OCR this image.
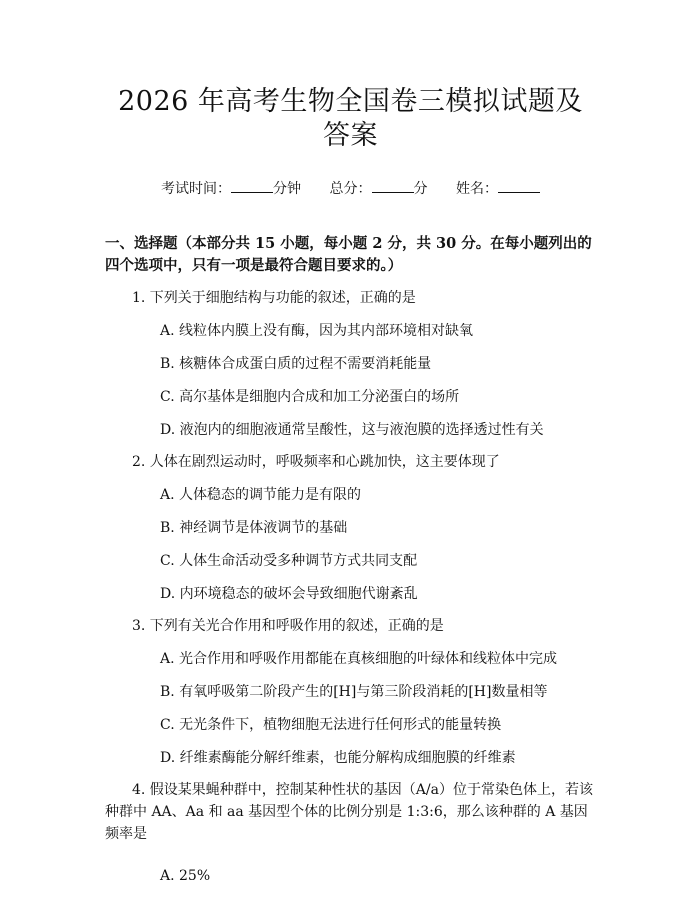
2026 年高考生物全国卷三模拟试题及答案
考试时间：	分钟 总分：	分 姓名：
一、选择题（本部分共 15 小题，每小题 2 分，共 30 分。在每小题列出的四个选项中，只有一项是最符合题目要求的。）
1. 下列关于细胞结构与功能的叙述，正确的是
A. 线粒体内膜上没有酶，因为其内部环境相对缺氧
B. 核糖体合成蛋白质的过程不需要消耗能量
C. 高尔基体是细胞内合成和加工分泌蛋白的场所
D. 液泡内的细胞液通常呈酸性，这与液泡膜的选择透过性有关
2. 人体在剧烈运动时，呼吸频率和心跳加快，这主要体现了
A. 人体稳态的调节能力是有限的
B. 神经调节是体液调节的基础
C. 人体生命活动受多种调节方式共同支配
D. 内环境稳态的破坏会导致细胞代谢紊乱
3. 下列有关光合作用和呼吸作用的叙述，正确的是
A. 光合作用和呼吸作用都能在真核细胞的叶绿体和线粒体中完成
B. 有氧呼吸第二阶段产生的[H]与第三阶段消耗的[H]数量相等
C. 无光条件下，植物细胞无法进行任何形式的能量转换
D. 纤维素酶能分解纤维素，也能分解构成细胞膜的纤维素
4. 假设某果蝇种群中，控制某种性状的基因（A/a）位于常染色体上，若该种群中 AA、Aa 和 aa 基因型个体的比例分别是 1:3:6，那么该种群的 A 基因频率是
A. 25%
